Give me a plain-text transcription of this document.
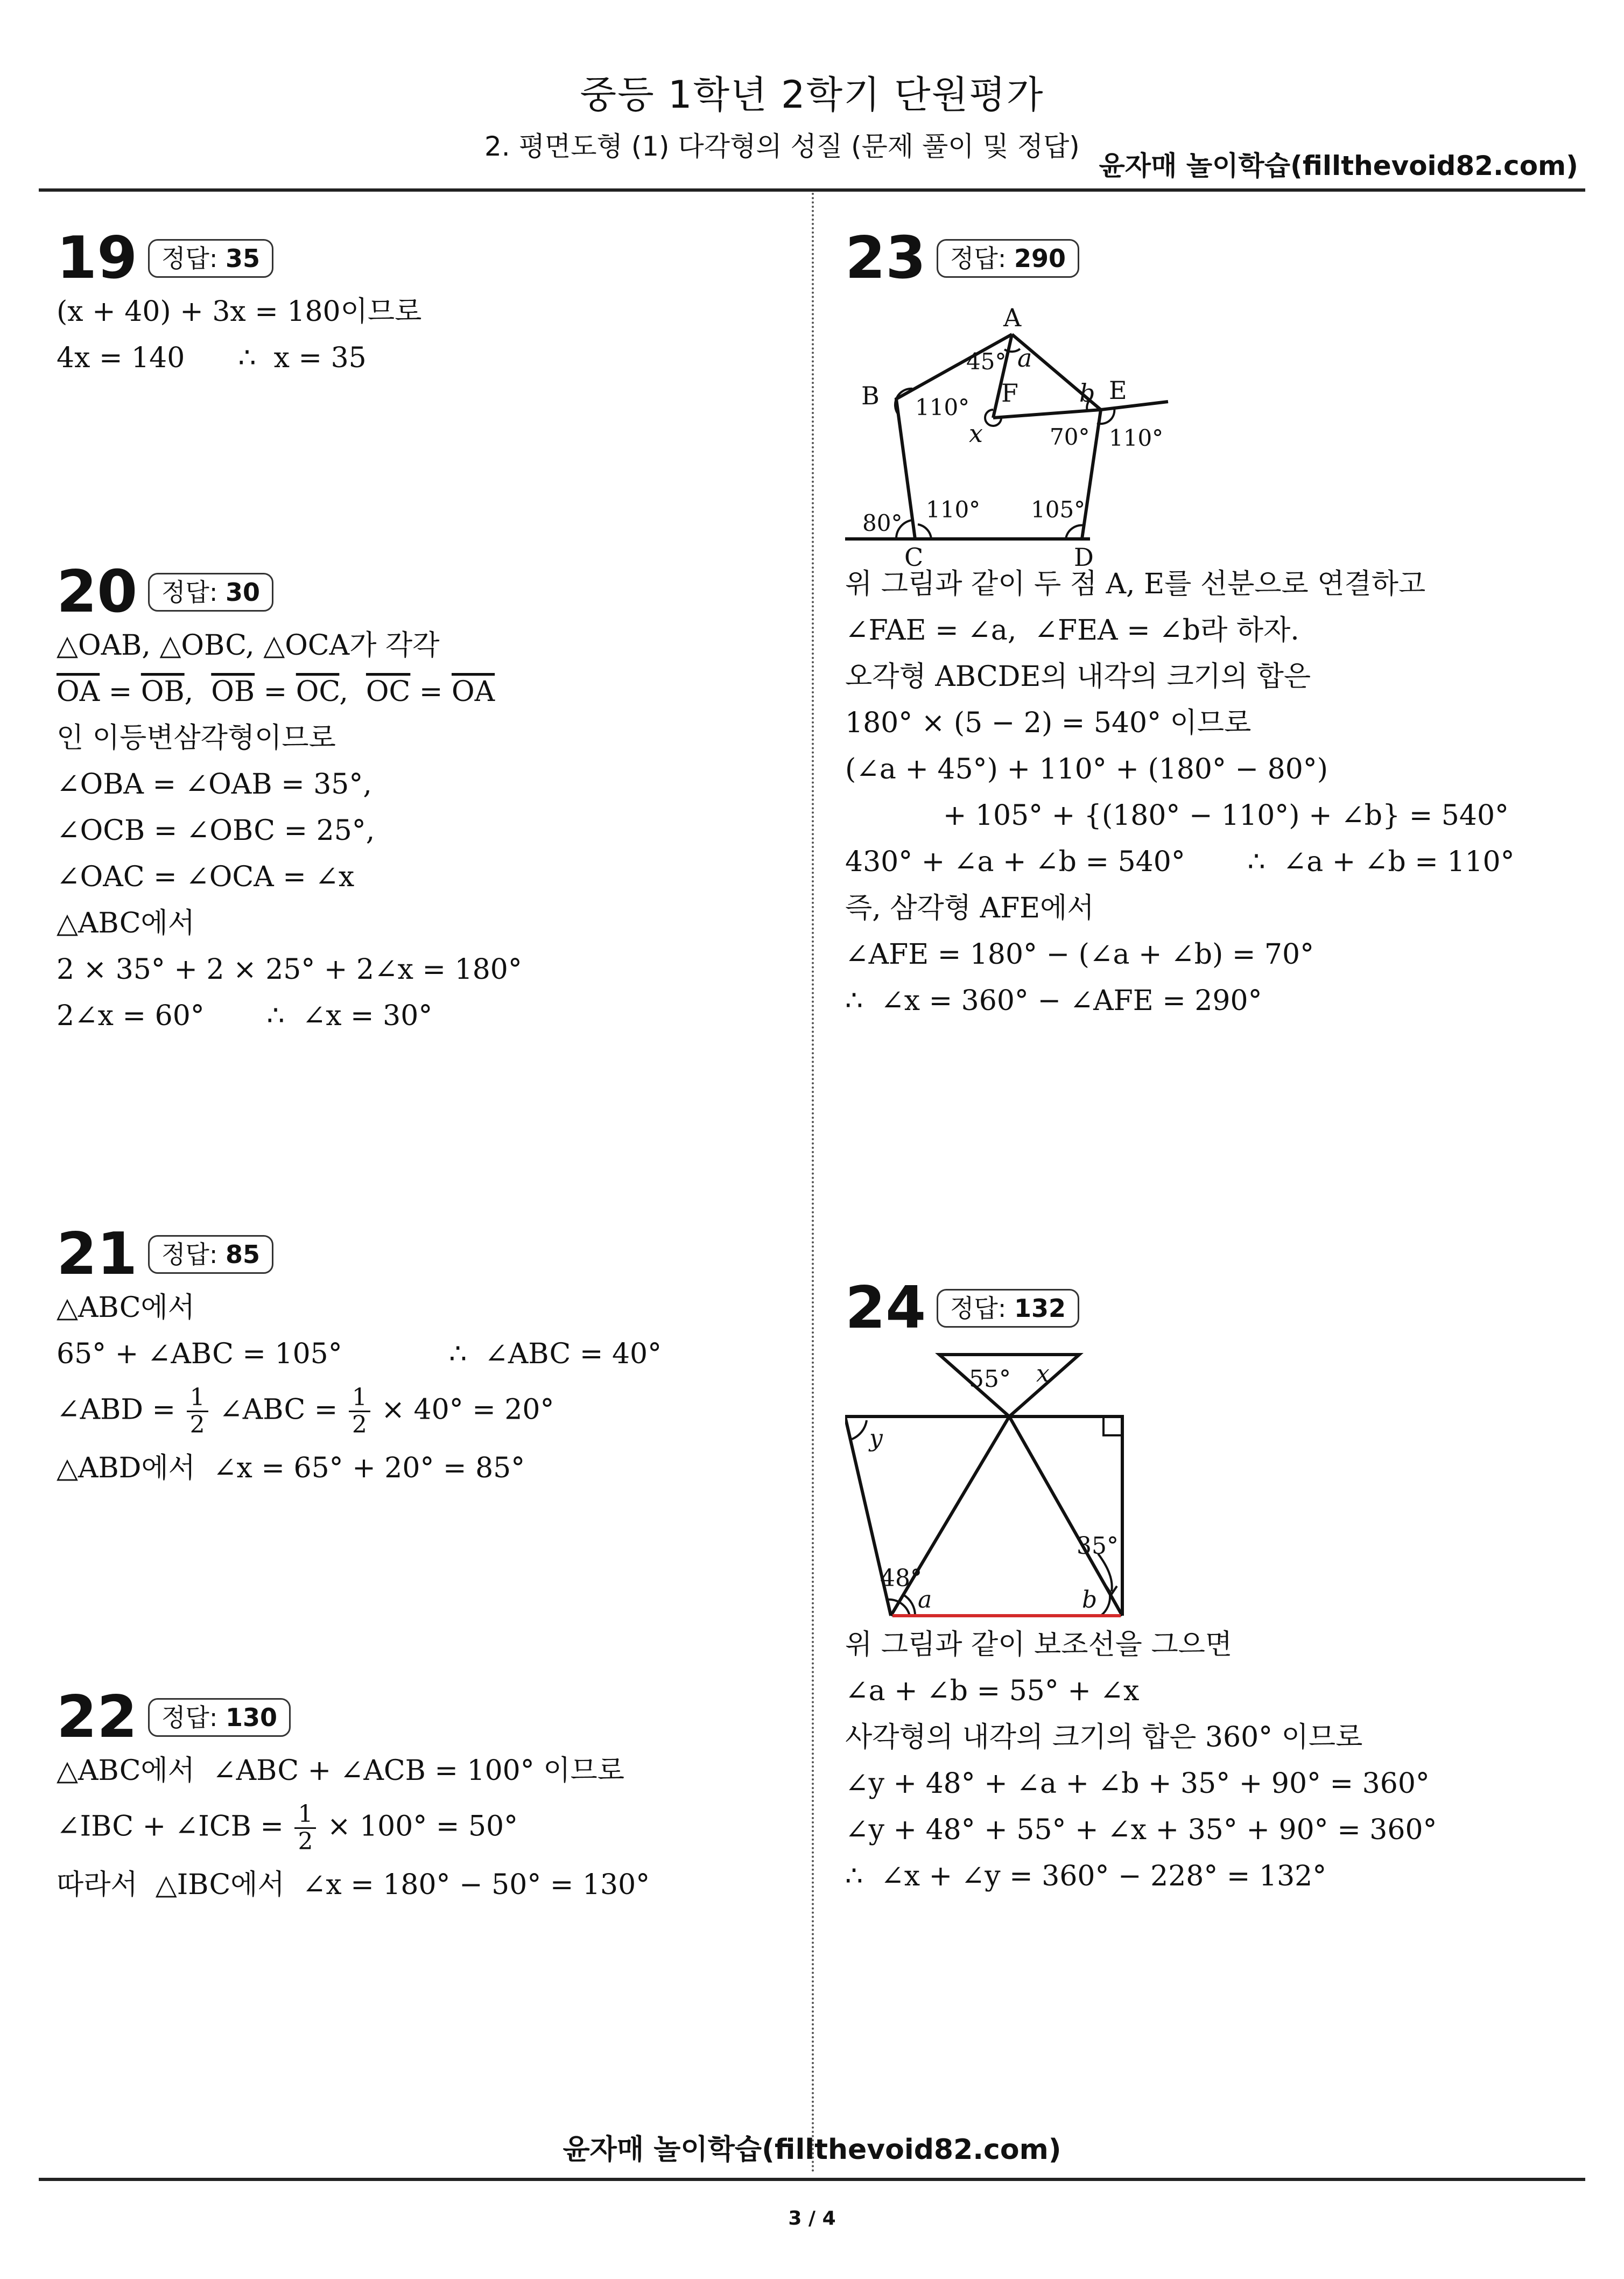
중등 1학년 2학기 단원평가
2. 평면도형 (1) 다각형의 성질 (문제 풀이 및 정답)
윤자매 놀이학습(fillthevoid82.com)
19 정답: 35
(x + 40) + 3x = 180이므로
4x = 140      ∴  x = 35
20 정답: 30
△OAB, △OBC, △OCA가 각각
$\overline{OA} = \overline{OB}$,  $\overline{OB} = \overline{OC}$,  $\overline{OC} = \overline{OA}$
인 이등변삼각형이므로
∠OBA = ∠OAB = 35°,
∠OCB = ∠OBC = 25°,
∠OAC = ∠OCA = ∠x
△ABC에서
2 × 35° + 2 × 25° + 2∠x = 180°
2∠x = 60°       ∴  ∠x = 30°
21 정답: 85
△ABC에서
65° + ∠ABC = 105°            ∴  ∠ABC = 40°
∠ABD = $\frac{1}{2}$ ∠ABC = $\frac{1}{2} \times 40^\circ = 20^\circ$
△ABD에서  ∠x = 65° + 20° = 85°
22 정답: 130
△ABC에서  ∠ABC + ∠ACB = 100° 이므로
∠IBC + ∠ICB = $\frac{1}{2} \times 100^\circ = 50^\circ$
따라서  △IBC에서  ∠x = 180° − 50° = 130°
23 정답: 290
A
B
C	D
E
F
a
b
x
45°
110°
70° 110°
80°
110° 105°
위 그림과 같이 두 점 A, E를 선분으로 연결하고
∠FAE = ∠a,  ∠FEA = ∠b라 하자.
오각형 ABCDE의 내각의 크기의 합은
180° × (5 − 2) = 540° 이므로
(∠a + 45°) + 110° + (180° − 80°)
+ 105° + {(180° − 110°) + ∠b} = 540°
430° + ∠a + ∠b = 540°       ∴  ∠a + ∠b = 110°
즉, 삼각형 AFE에서
∠AFE = 180° − (∠a + ∠b) = 70°
∴  ∠x = 360° − ∠AFE = 290°
24 정답: 132
55° x
y
35°
48°
a	b
위 그림과 같이 보조선을 그으면
∠a + ∠b = 55° + ∠x
사각형의 내각의 크기의 합은 360° 이므로
∠y + 48° + ∠a + ∠b + 35° + 90° = 360°
∠y + 48° + 55° + ∠x + 35° + 90° = 360°
∴  ∠x + ∠y = 360° − 228° = 132°
윤자매 놀이학습(fillthevoid82.com)
3 / 4
